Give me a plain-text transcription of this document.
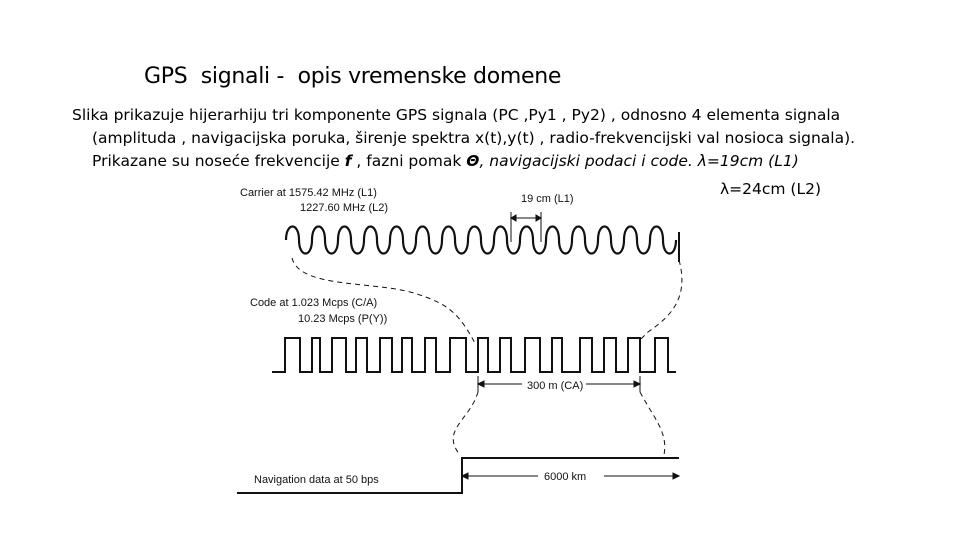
GPS  signali -  opis vremenske domene
Slika prikazuje hijerarhiju tri komponente GPS signala (PC ,Py1 , Py2) , odnosno 4 elementa signala
(amplituda , navigacijska poruka, širenje spektra x(t),y(t) , radio-frekvencijski val nosioca signala).
Prikazane su noseće frekvencije f , fazni pomak Θ, navigacijski podaci i code. λ=19cm (L1)
λ=24cm (L2)
Carrier at 1575.42 MHz (L1)
1227.60 MHz (L2)
19 cm (L1)
Code at 1.023 Mcps (C/A)
10.23 Mcps (P(Y))
300 m (CA)
Navigation data at 50 bps	6000 km
